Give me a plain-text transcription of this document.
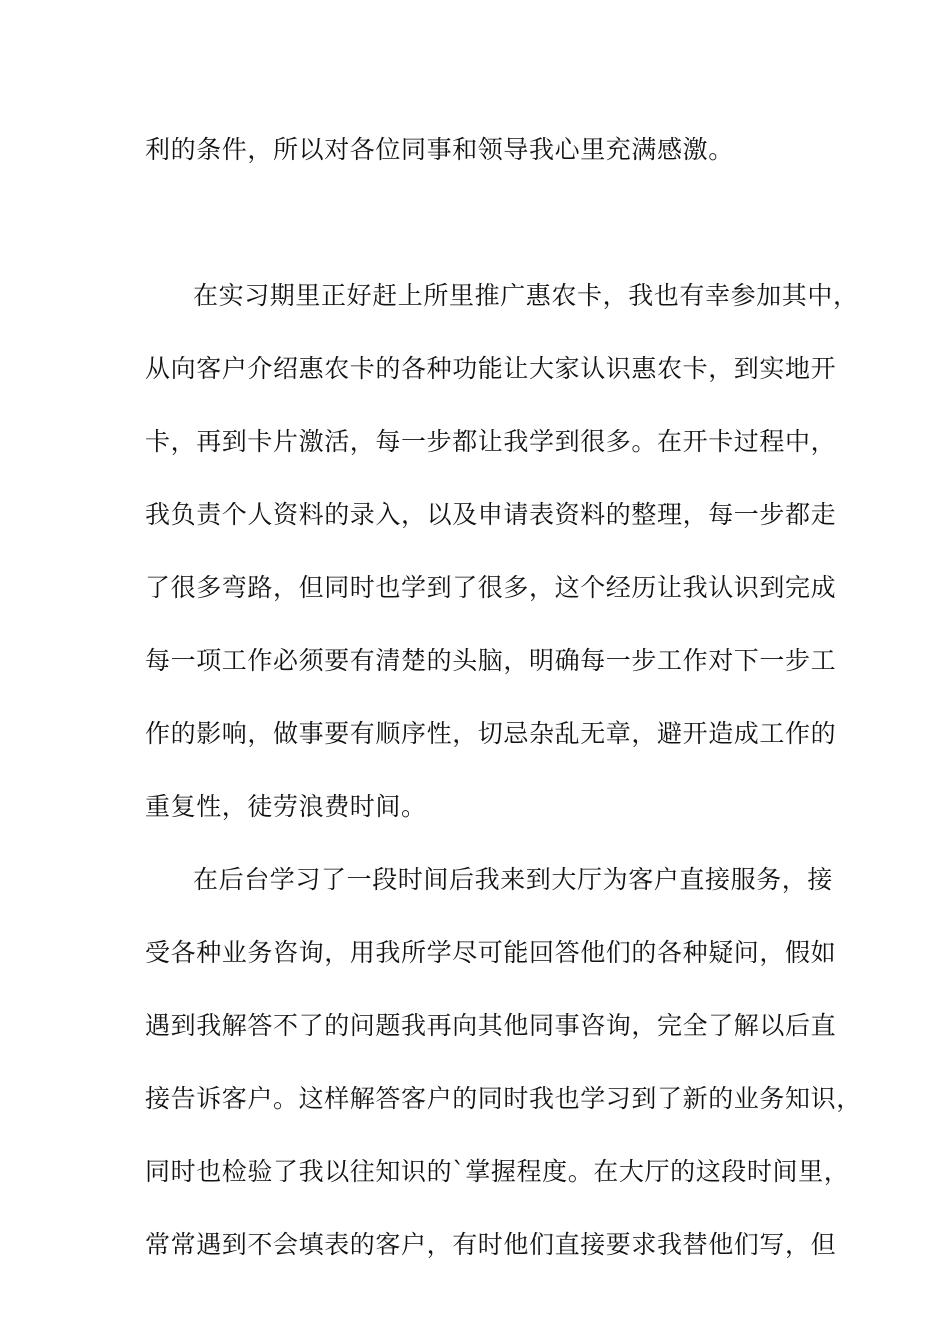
利的条件，所以对各位同事和领导我心里充满感激。
在实习期里正好赶上所里推广惠农卡，我也有幸参加其中，
从向客户介绍惠农卡的各种功能让大家认识惠农卡，到实地开
卡，再到卡片激活，每一步都让我学到很多。在开卡过程中，
我负责个人资料的录入，以及申请表资料的整理，每一步都走
了很多弯路，但同时也学到了很多，这个经历让我认识到完成
每一项工作必须要有清楚的头脑，明确每一步工作对下一步工
作的影响，做事要有顺序性，切忌杂乱无章，避开造成工作的
重复性，徒劳浪费时间。
在后台学习了一段时间后我来到大厅为客户直接服务，接
受各种业务咨询，用我所学尽可能回答他们的各种疑问，假如
遇到我解答不了的问题我再向其他同事咨询，完全了解以后直
接告诉客户。这样解答客户的同时我也学习到了新的业务知识，
同时也检验了我以往知识的`掌握程度。在大厅的这段时间里，
常常遇到不会填表的客户，有时他们直接要求我替他们写，但
